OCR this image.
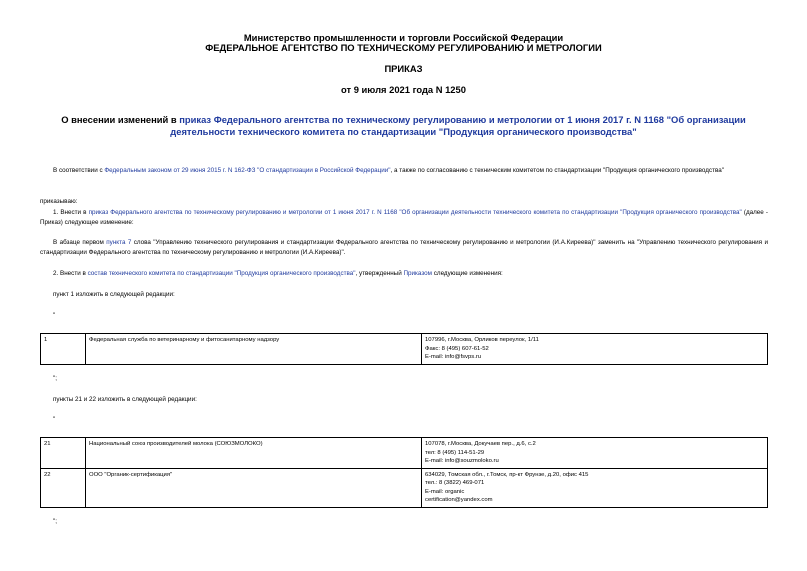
Министерство промышленности и торговли Российской Федерации
ФЕДЕРАЛЬНОЕ АГЕНТСТВО ПО ТЕХНИЧЕСКОМУ РЕГУЛИРОВАНИЮ И МЕТРОЛОГИИ
ПРИКАЗ
от 9 июля 2021 года N 1250
О внесении изменений в приказ Федерального агентства по техническому регулированию и метрологии от 1 июня 2017 г. N 1168 "Об организации деятельности технического комитета по стандартизации "Продукция органического производства"
В соответствии с Федеральным законом от 29 июня 2015 г. N 162-ФЗ "О стандартизации в Российской Федерации", а также по согласованию с техническим комитетом по стандартизации "Продукция органического производства"
приказываю:
1. Внести в приказ Федерального агентства по техническому регулированию и метрологии от 1 июня 2017 г. N 1168 "Об организации деятельности технического комитета по стандартизации "Продукция органического производства" (далее - Приказ) следующее изменение:
В абзаце первом пункта 7 слова "Управлению технического регулирования и стандартизации Федерального агентства по техническому регулированию и метрологии (И.А.Киреева)" заменить на "Управлению технического регулирования и стандартизации Федерального агентства по техническому регулированию и метрологии (И.А.Киреева)".
2. Внести в состав технического комитета по стандартизации "Продукция органического производства", утвержденный Приказом следующие изменения:
пункт 1 изложить в следующей редакции:
"
1	Федеральная служба по ветеринарному и фитосанитарному надзору	107996, г.Москва, Орликов переулок, 1/11
Факс: 8 (495) 607-61-52
E-mail: info@fsvps.ru
";
пункты 21 и 22 изложить в следующей редакции:
"
21	Национальный союз производителей молока (СОЮЗМОЛОКО)	107078, г.Москва, Докучаев пер., д.6, с.2
тел: 8 (495) 114-51-29
E-mail: info@souzmoloko.ru
22	ООО "Органик-сертификация"	634029, Томская обл., г.Томск, пр-кт Фрунзе, д.20, офис 415
тел.: 8 (3822) 469-071
E-mail: organic
certification@yandex.com
";
